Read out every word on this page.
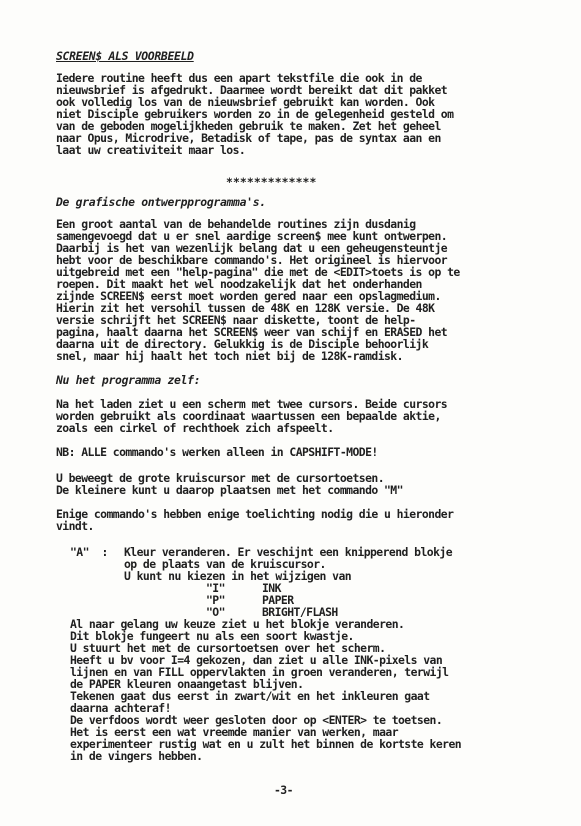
SCREEN$ ALS VOORBEELD
Iedere routine heeft dus een apart tekstfile die ook in de
nieuwsbrief is afgedrukt. Daarmee wordt bereikt dat dit pakket
ook volledig los van de nieuwsbrief gebruikt kan worden. Ook
niet Disciple gebruikers worden zo in de gelegenheid gesteld om
van de geboden mogelijkheden gebruik te maken. Zet het geheel
naar Opus, Microdrive, Betadisk of tape, pas de syntax aan en
laat uw creativiteit maar los.
*************
De grafische ontwerpprogramma's.
Een groot aantal van de behandelde routines zijn dusdanig
samengevoegd dat u er snel aardige screen$ mee kunt ontwerpen.
Daarbij is het van wezenlijk belang dat u een geheugensteuntje
hebt voor de beschikbare commando's. Het origineel is hiervoor
uitgebreid met een "help-pagina" die met de <EDIT>toets is op te
roepen. Dit maakt het wel noodzakelijk dat het onderhanden
zijnde SCREEN$ eerst moet worden gered naar een opslagmedium.
Hierin zit het versohil tussen de 48K en 128K versie. De 48K
versie schrijft het SCREEN$ naar diskette, toont de help-
pagina, haalt daarna het SCREEN$ weer van schijf en ERASED het
daarna uit de directory. Gelukkig is de Disciple behoorlijk
snel, maar hij haalt het toch niet bij de 128K-ramdisk.
Nu het programma zelf:
Na het laden ziet u een scherm met twee cursors. Beide cursors
worden gebruikt als coordinaat waartussen een bepaalde aktie,
zoals een cirkel of rechthoek zich afspeelt.
NB: ALLE commando's werken alleen in CAPSHIFT-MODE!
U beweegt de grote kruiscursor met de cursortoetsen.
De kleinere kunt u daarop plaatsen met het commando "M"
Enige commando's hebben enige toelichting nodig die u hieronder
vindt.
"A"  : Kleur veranderen. Er veschijnt een knipperend blokje
op de plaats van de kruiscursor.
U kunt nu kiezen in het wijzigen van
"I"	INK
"P"	PAPER
"O"	BRIGHT/FLASH
Al naar gelang uw keuze ziet u het blokje veranderen.
Dit blokje fungeert nu als een soort kwastje.
U stuurt het met de cursortoetsen over het scherm.
Heeft u bv voor I=4 gekozen, dan ziet u alle INK-pixels van
lijnen en van FILL oppervlakten in groen veranderen, terwijl
de PAPER kleuren onaangetast blijven.
Tekenen gaat dus eerst in zwart/wit en het inkleuren gaat
daarna achteraf!
De verfdoos wordt weer gesloten door op <ENTER> te toetsen.
Het is eerst een wat vreemde manier van werken, maar
experimenteer rustig wat en u zult het binnen de kortste keren
in de vingers hebben.
-3-
